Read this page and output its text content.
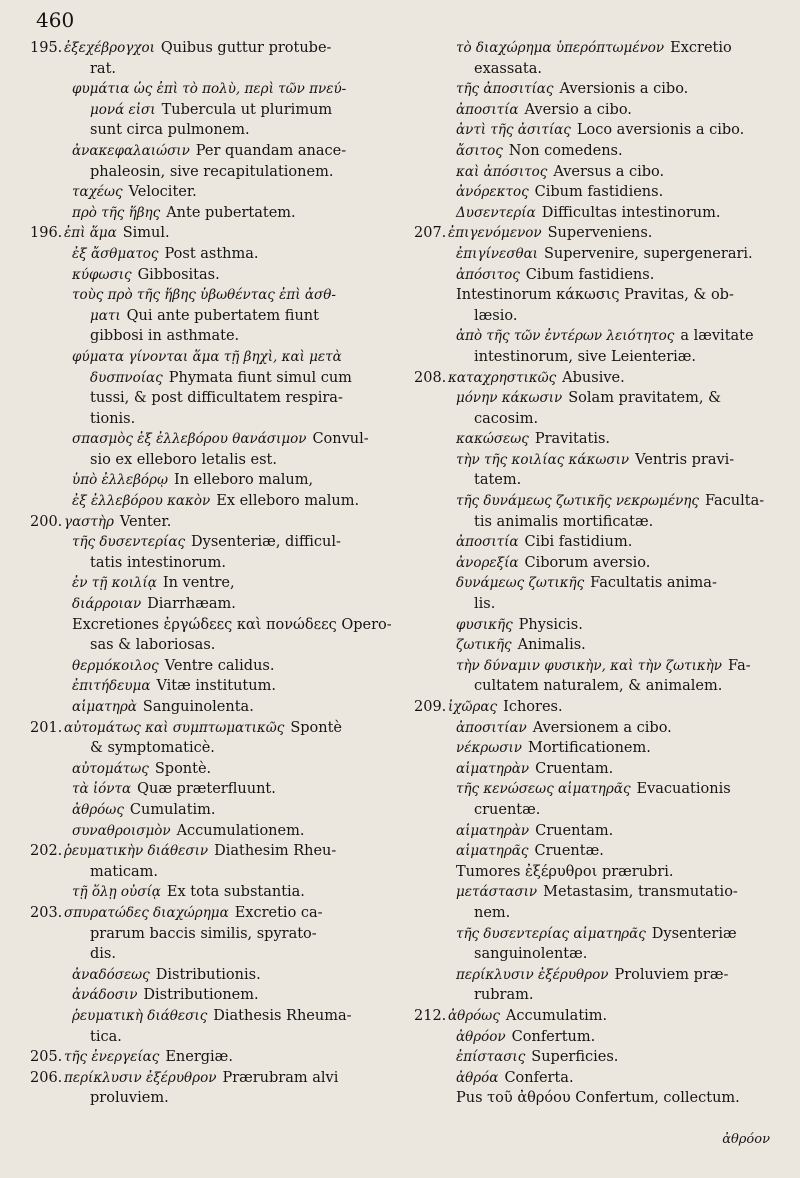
460
195. ἐξεχέβρογχοι Quibus guttur protube-
rat.
φυμάτια ὡς ἐπὶ τὸ πολὺ, περὶ τῶν πνεύ-
μονά εἰσι Tubercula ut plurimum
sunt circa pulmonem.
ἀνακεφαλαιώσιν Per quandam anace-
phaleosin, sive recapitulationem.
ταχέως Velociter.
πρὸ τῆς ἥβης Ante pubertatem.
196. ἐπὶ ἅμα Simul.
ἐξ ἄσθματος Post asthma.
κύφωσις Gibbositas.
τοὺς πρὸ τῆς ἥβης ὑβωθέντας ἐπὶ ἀσθ-
ματι Qui ante pubertatem fiunt
gibbosi in asthmate.
φύματα γίνονται ἅμα τῇ βηχὶ, καὶ μετὰ
δυσπνοίας Phymata fiunt simul cum
tussi, & post difficultatem respira-
tionis.
σπασμὸς ἐξ ἐλλεβόρου θανάσιμον Convul-
sio ex elleboro letalis est.
ὑπὸ ἐλλεβόρῳ In elleboro malum,
ἐξ ἐλλεβόρου κακὸν Ex elleboro malum.
200. γαστὴρ Venter.
τῆς δυσεντερίας Dysenteriæ, difficul-
tatis intestinorum.
ἐν τῇ κοιλίᾳ In ventre,
διάρροιαν Diarrhæam.
Excretiones ἐργώδεες καὶ πονώδεες Opero-
sas & laboriosas.
θερμόκοιλος Ventre calidus.
ἐπιτήδευμα Vitæ institutum.
αἱματηρὰ Sanguinolenta.
201. αὐτομάτως καὶ συμπτωματικῶς Spontè
& symptomaticè.
αὐτομάτως Spontè.
τὰ ἰόντα Quæ præterfluunt.
ἀθρόως Cumulatim.
συναθροισμὸν Accumulationem.
202. ῥευματικὴν διάθεσιν Diathesim Rheu-
maticam.
τῇ ὅλῃ οὐσίᾳ Ex tota substantia.
203. σπυρατώδες διαχώρημα Excretio ca-
prarum baccis similis, spyrato-
dis.
ἀναδόσεως Distributionis.
ἀνάδοσιν Distributionem.
ῥευματικὴ διάθεσις Diathesis Rheuma-
tica.
205. τῆς ἐνεργείας Energiæ.
206. περίκλυσιν ἐξέρυθρον Prærubram alvi
proluviem.
τὸ διαχώρημα ὑπερόπτωμένον Excretio
exassata.
τῆς ἀποσιτίας Aversionis a cibo.
ἀποσιτία Aversio a cibo.
ἀντὶ τῆς ἀσιτίας Loco aversionis a cibo.
ἄσιτος Non comedens.
καὶ ἀπόσιτος Aversus a cibo.
ἀνόρεκτος Cibum fastidiens.
Δυσεντερία Difficultas intestinorum.
207. ἐπιγενόμενον Superveniens.
ἐπιγίνεσθαι Supervenire, supergenerari.
ἀπόσιτος Cibum fastidiens.
Intestinorum κάκωσις Pravitas, & ob-
læsio.
ἀπὸ τῆς τῶν ἐντέρων λειότητος a lævitate
intestinorum, sive Leienteriæ.
208. καταχρηστικῶς Abusive.
μόνην κάκωσιν Solam pravitatem, &
cacosim.
κακώσεως Pravitatis.
τὴν τῆς κοιλίας κάκωσιν Ventris pravi-
tatem.
τῆς δυνάμεως ζωτικῆς νεκρωμένης Faculta-
tis animalis mortificatæ.
ἀποσιτία Cibi fastidium.
ἀνορεξία Ciborum aversio.
δυνάμεως ζωτικῆς Facultatis anima-
lis.
φυσικῆς Physicis.
ζωτικῆς Animalis.
τὴν δύναμιν φυσικὴν, καὶ τὴν ζωτικὴν Fa-
cultatem naturalem, & animalem.
209. ἰχῶρας Ichores.
ἀποσιτίαν Aversionem a cibo.
νέκρωσιν Mortificationem.
αἱματηρὰν Cruentam.
τῆς κενώσεως αἱματηρᾶς Evacuationis
cruentæ.
αἱματηρὰν Cruentam.
αἱματηρᾶς Cruentæ.
Tumores ἐξέρυθροι prærubri.
μετάστασιν Metastasim, transmutatio-
nem.
τῆς δυσεντερίας αἱματηρᾶς Dysenteriæ
sanguinolentæ.
περίκλυσιν ἐξέρυθρον Proluviem præ-
rubram.
212. ἀθρόως Accumulatim.
ἀθρόον Confertum.
ἐπίστασις Superficies.
ἀθρόα Conferta.
Pus τοῦ ἀθρόου Confertum, collectum.
ἀθρόον
